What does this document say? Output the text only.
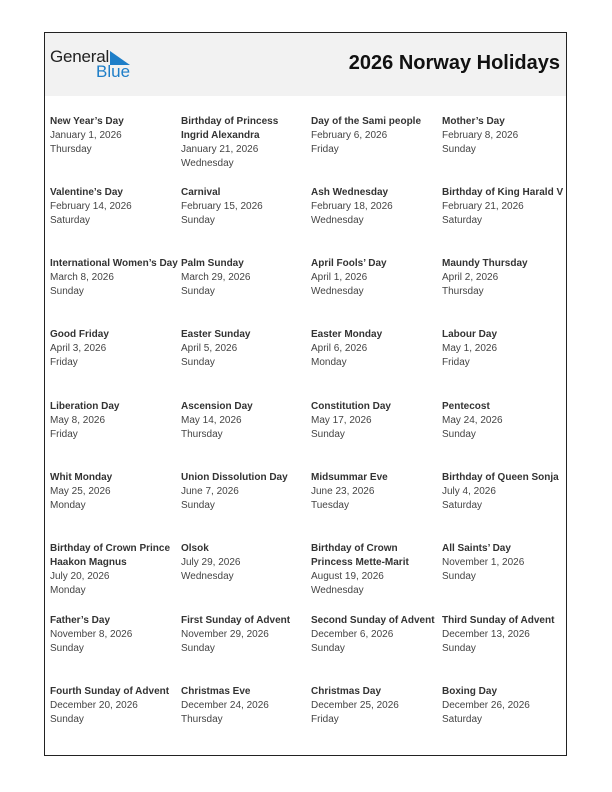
General
Blue	2026 Norway Holidays
New Year’s Day
January 1, 2026
Thursday
Birthday of Princess Ingrid Alexandra
January 21, 2026
Wednesday
Day of the Sami people
February 6, 2026
Friday
Mother’s Day
February 8, 2026
Sunday
Valentine’s Day
February 14, 2026
Saturday
Carnival
February 15, 2026
Sunday
Ash Wednesday
February 18, 2026
Wednesday
Birthday of King Harald V
February 21, 2026
Saturday
International Women’s Day
March 8, 2026
Sunday
Palm Sunday
March 29, 2026
Sunday
April Fools’ Day
April 1, 2026
Wednesday
Maundy Thursday
April 2, 2026
Thursday
Good Friday
April 3, 2026
Friday
Easter Sunday
April 5, 2026
Sunday
Easter Monday
April 6, 2026
Monday
Labour Day
May 1, 2026
Friday
Liberation Day
May 8, 2026
Friday
Ascension Day
May 14, 2026
Thursday
Constitution Day
May 17, 2026
Sunday
Pentecost
May 24, 2026
Sunday
Whit Monday
May 25, 2026
Monday
Union Dissolution Day
June 7, 2026
Sunday
Midsummar Eve
June 23, 2026
Tuesday
Birthday of Queen Sonja
July 4, 2026
Saturday
Birthday of Crown Prince Haakon Magnus
July 20, 2026
Monday
Olsok
July 29, 2026
Wednesday
Birthday of Crown Princess Mette-Marit
August 19, 2026
Wednesday
All Saints’ Day
November 1, 2026
Sunday
Father’s Day
November 8, 2026
Sunday
First Sunday of Advent
November 29, 2026
Sunday
Second Sunday of Advent
December 6, 2026
Sunday
Third Sunday of Advent
December 13, 2026
Sunday
Fourth Sunday of Advent
December 20, 2026
Sunday
Christmas Eve
December 24, 2026
Thursday
Christmas Day
December 25, 2026
Friday
Boxing Day
December 26, 2026
Saturday
